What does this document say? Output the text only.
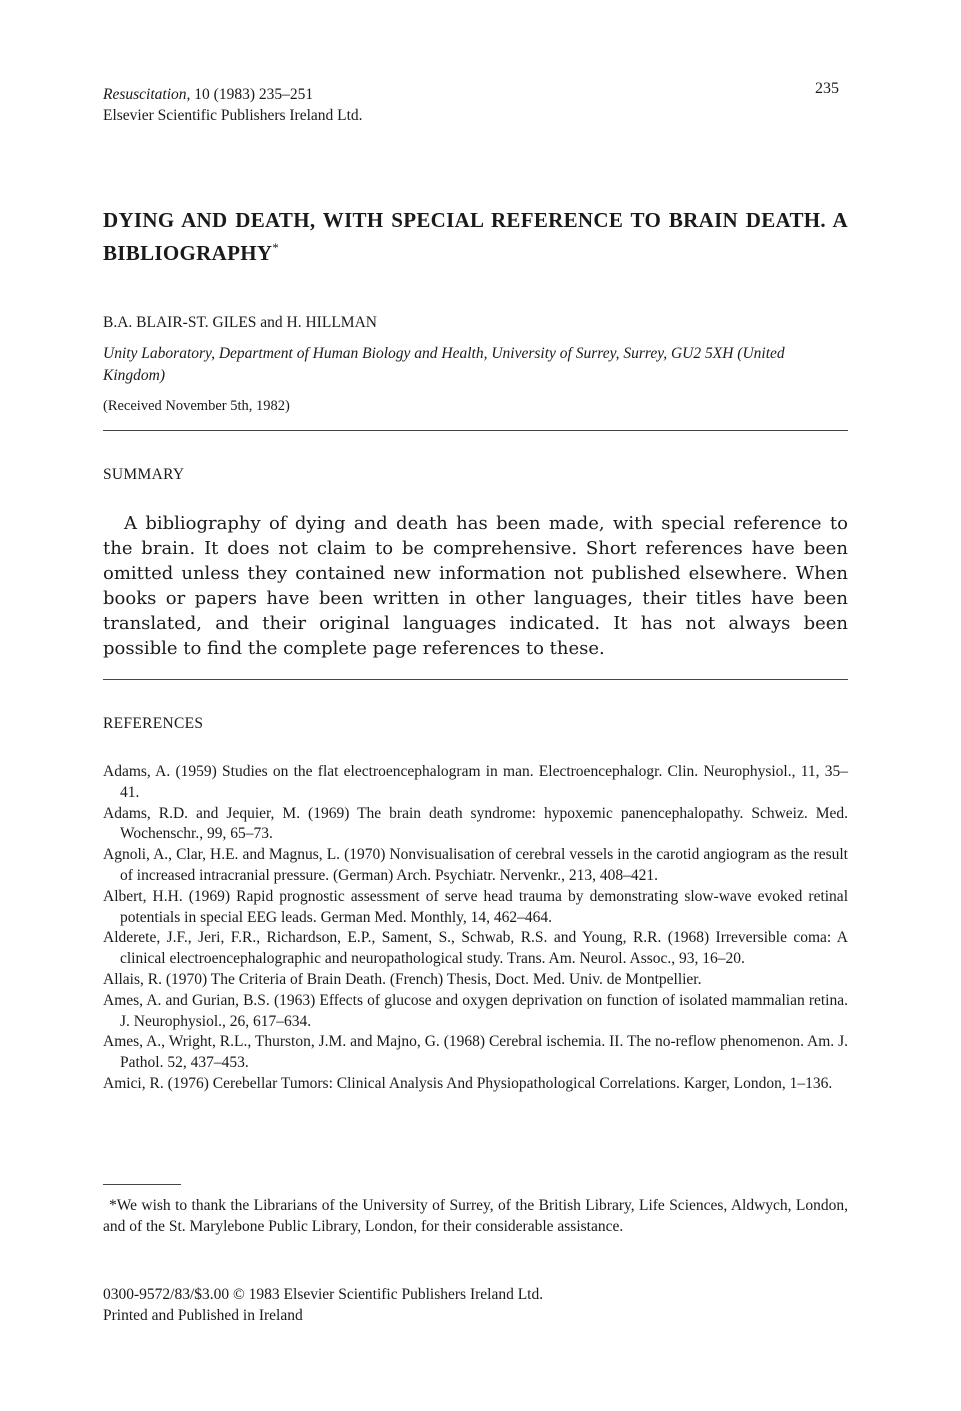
Resuscitation, 10 (1983) 235–251
Elsevier Scientific Publishers Ireland Ltd.
235
DYING AND DEATH, WITH SPECIAL REFERENCE TO BRAIN DEATH. A BIBLIOGRAPHY*
B.A. BLAIR-ST. GILES and H. HILLMAN
Unity Laboratory, Department of Human Biology and Health, University of Surrey, Surrey, GU2 5XH (United Kingdom)
(Received November 5th, 1982)
SUMMARY

A bibliography of dying and death has been made, with special reference to the brain. It does not claim to be comprehensive. Short references have been omitted unless they contained new information not published elsewhere. When books or papers have been written in other languages, their titles have been translated, and their original languages indicated. It has not always been possible to find the complete page references to these.

REFERENCES

Adams, A. (1959) Studies on the flat electroencephalogram in man. Electroencephalogr. Clin. Neurophysiol., 11, 35–41.

Adams, R.D. and Jequier, M. (1969) The brain death syndrome: hypoxemic panencephalopathy. Schweiz. Med. Wochenschr., 99, 65–73.

Agnoli, A., Clar, H.E. and Magnus, L. (1970) Nonvisualisation of cerebral vessels in the carotid angiogram as the result of increased intracranial pressure. (German) Arch. Psychiatr. Nervenkr., 213, 408–421.

Albert, H.H. (1969) Rapid prognostic assessment of serve head trauma by demonstrating slow-wave evoked retinal potentials in special EEG leads. German Med. Monthly, 14, 462–464.

Alderete, J.F., Jeri, F.R., Richardson, E.P., Sament, S., Schwab, R.S. and Young, R.R. (1968) Irreversible coma: A clinical electroencephalographic and neuropathological study. Trans. Am. Neurol. Assoc., 93, 16–20.

Allais, R. (1970) The Criteria of Brain Death. (French) Thesis, Doct. Med. Univ. de Montpellier.

Ames, A. and Gurian, B.S. (1963) Effects of glucose and oxygen deprivation on function of isolated mammalian retina. J. Neurophysiol., 26, 617–634.

Ames, A., Wright, R.L., Thurston, J.M. and Majno, G. (1968) Cerebral ischemia. II. The no-reflow phenomenon. Am. J. Pathol. 52, 437–453.

Amici, R. (1976) Cerebellar Tumors: Clinical Analysis And Physiopathological Correlations. Karger, London, 1–136.

*We wish to thank the Librarians of the University of Surrey, of the British Library, Life Sciences, Aldwych, London, and of the St. Marylebone Public Library, London, for their considerable assistance.

0300-9572/83/$3.00 © 1983 Elsevier Scientific Publishers Ireland Ltd.
Printed and Published in Ireland
